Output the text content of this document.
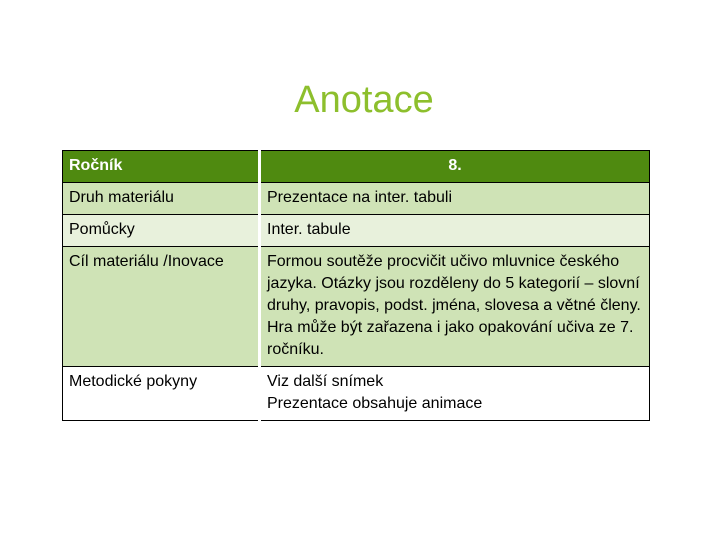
Anotace
Ročník	8.
Druh materiálu	Prezentace na inter. tabuli
Pomůcky	Inter. tabule
Cíl materiálu /Inovace	Formou soutěže procvičit učivo mluvnice českého jazyka. Otázky jsou rozděleny do 5 kategorií – slovní druhy, pravopis, podst. jména, slovesa a větné členy.
Hra může být zařazena i jako opakování učiva ze 7. ročníku.
Metodické pokyny	Viz další snímek
Prezentace obsahuje animace
